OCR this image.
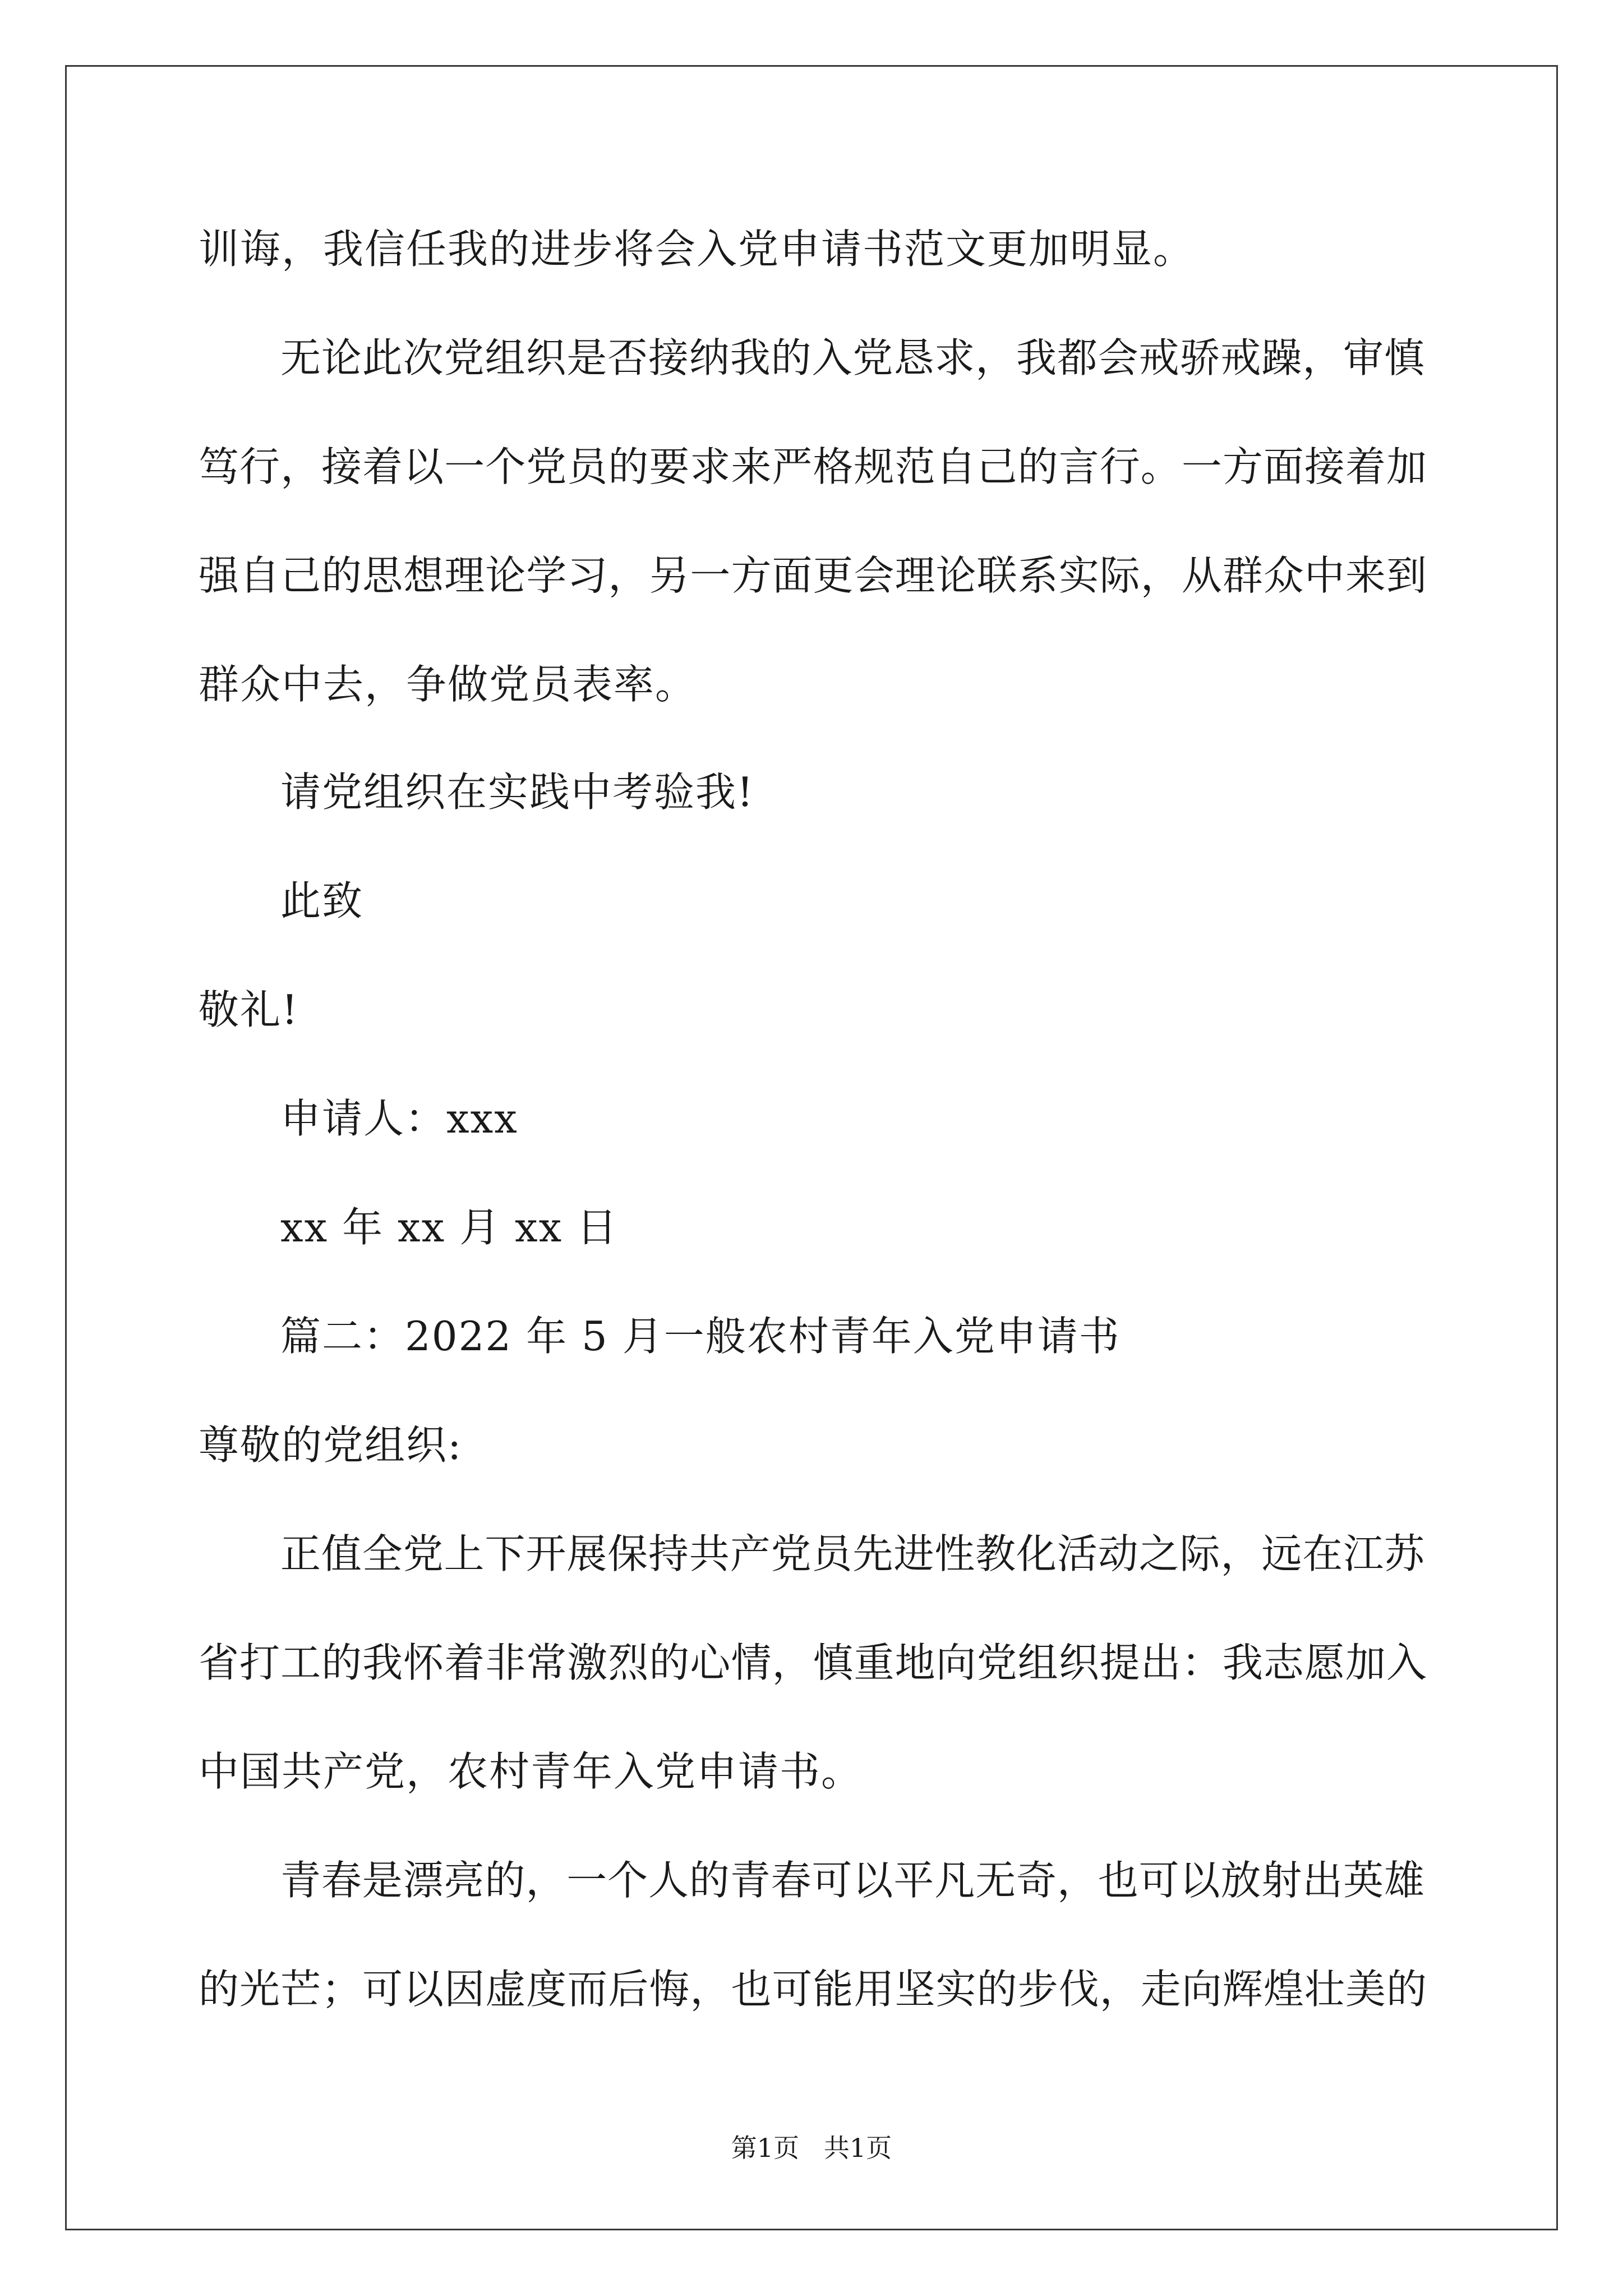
训诲，我信任我的进步将会入党申请书范文更加明显。
无论此次党组织是否接纳我的入党恳求，我都会戒骄戒躁，审慎
笃行，接着以一个党员的要求来严格规范自己的言行。一方面接着加
强自己的思想理论学习，另一方面更会理论联系实际，从群众中来到
群众中去，争做党员表率。
请党组织在实践中考验我!
此致
敬礼!
申请人：xxx
xx 年 xx 月 xx 日
篇二：2022 年 5 月一般农村青年入党申请书
尊敬的党组织:
正值全党上下开展保持共产党员先进性教化活动之际，远在江苏
省打工的我怀着非常激烈的心情，慎重地向党组织提出：我志愿加入
中国共产党，农村青年入党申请书。
青春是漂亮的，一个人的青春可以平凡无奇，也可以放射出英雄
的光芒；可以因虚度而后悔，也可能用坚实的步伐，走向辉煌壮美的
第1页   共1页
